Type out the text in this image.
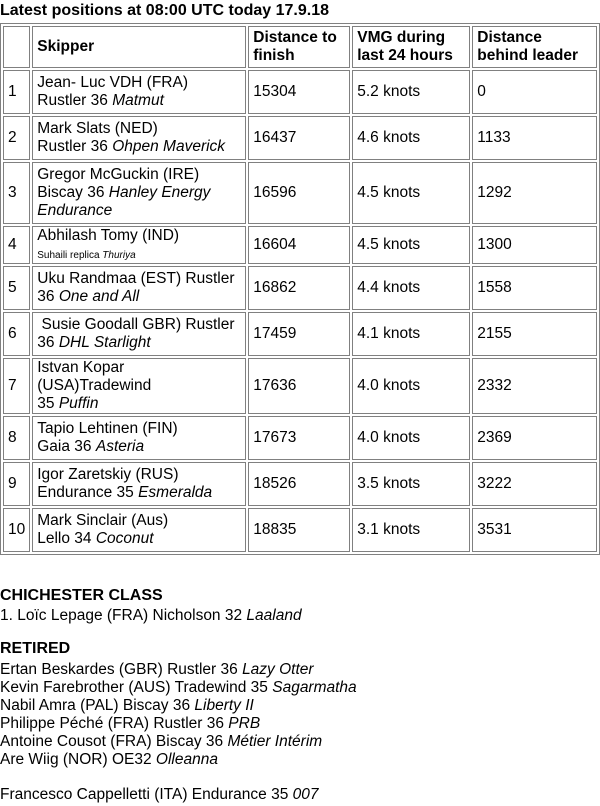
Latest positions at 08:00 UTC today 17.9.18
	Skipper	Distance to finish	VMG during last 24 hours	Distance behind leader
1	Jean- Luc VDH (FRA)
Rustler 36 Matmut	15304	5.2 knots	0
2	Mark Slats (NED)
Rustler 36 Ohpen Maverick	16437	4.6 knots	1133
3	Gregor McGuckin (IRE)
Biscay 36 Hanley Energy Endurance	16596	4.5 knots	1292
4	Abhilash Tomy (IND)
Suhaili replica Thuriya	16604	4.5 knots	1300
5	Uku Randmaa (EST) Rustler
36 One and All	16862	4.4 knots	1558
6	Susie Goodall GBR) Rustler
36 DHL Starlight	17459	4.1 knots	2155
7	Istvan Kopar (USA)Tradewind
35 Puffin	17636	4.0 knots	2332
8	Tapio Lehtinen (FIN)
Gaia 36 Asteria	17673	4.0 knots	2369
9	Igor Zaretskiy (RUS)
Endurance 35 Esmeralda	18526	3.5 knots	3222
10	Mark Sinclair (Aus)
Lello 34 Coconut	18835	3.1 knots	3531
CHICHESTER CLASS
1. Loïc Lepage (FRA) Nicholson 32 Laaland
RETIRED
Ertan Beskardes (GBR) Rustler 36 Lazy Otter
Kevin Farebrother (AUS) Tradewind 35 Sagarmatha
Nabil Amra (PAL) Biscay 36 Liberty II
Philippe Péché (FRA) Rustler 36 PRB
Antoine Cousot (FRA) Biscay 36 Métier Intérim
Are Wiig (NOR) OE32 Olleanna
Francesco Cappelletti (ITA) Endurance 35 007
